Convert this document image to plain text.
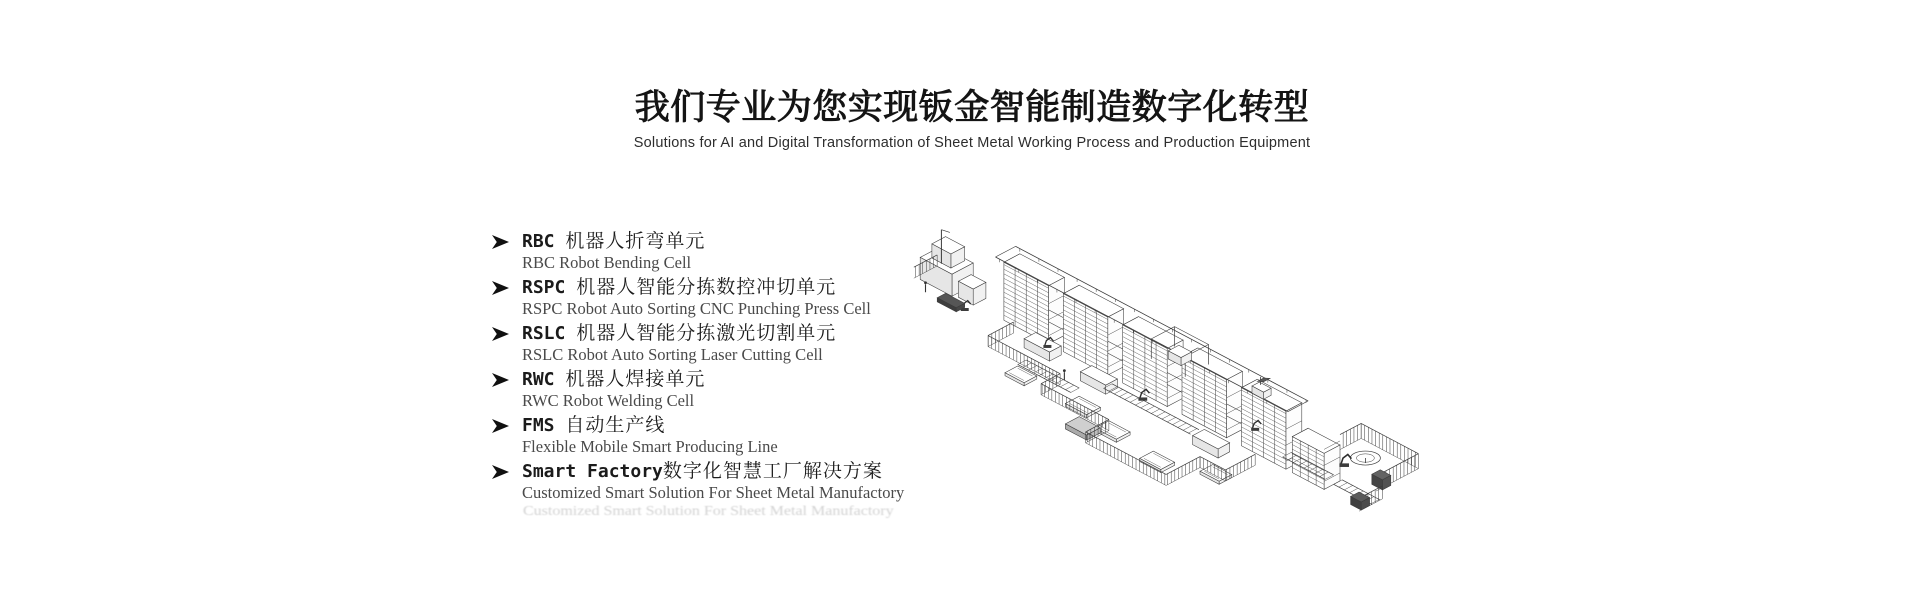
我们专业为您实现钣金智能制造数字化转型

Solutions for AI and Digital Transformation of Sheet Metal Working Process and Production Equipment

RBC 机器人折弯单元
RBC Robot Bending Cell
RSPC 机器人智能分拣数控冲切单元
RSPC Robot Auto Sorting CNC Punching Press Cell
RSLC 机器人智能分拣激光切割单元
RSLC Robot Auto Sorting Laser Cutting Cell
RWC 机器人焊接单元
RWC Robot Welding Cell
FMS 自动生产线
Flexible Mobile Smart Producing Line
Smart Factory数字化智慧工厂解决方案
Customized Smart Solution For Sheet Metal Manufactory
Customized Smart Solution For Sheet Metal Manufactory
